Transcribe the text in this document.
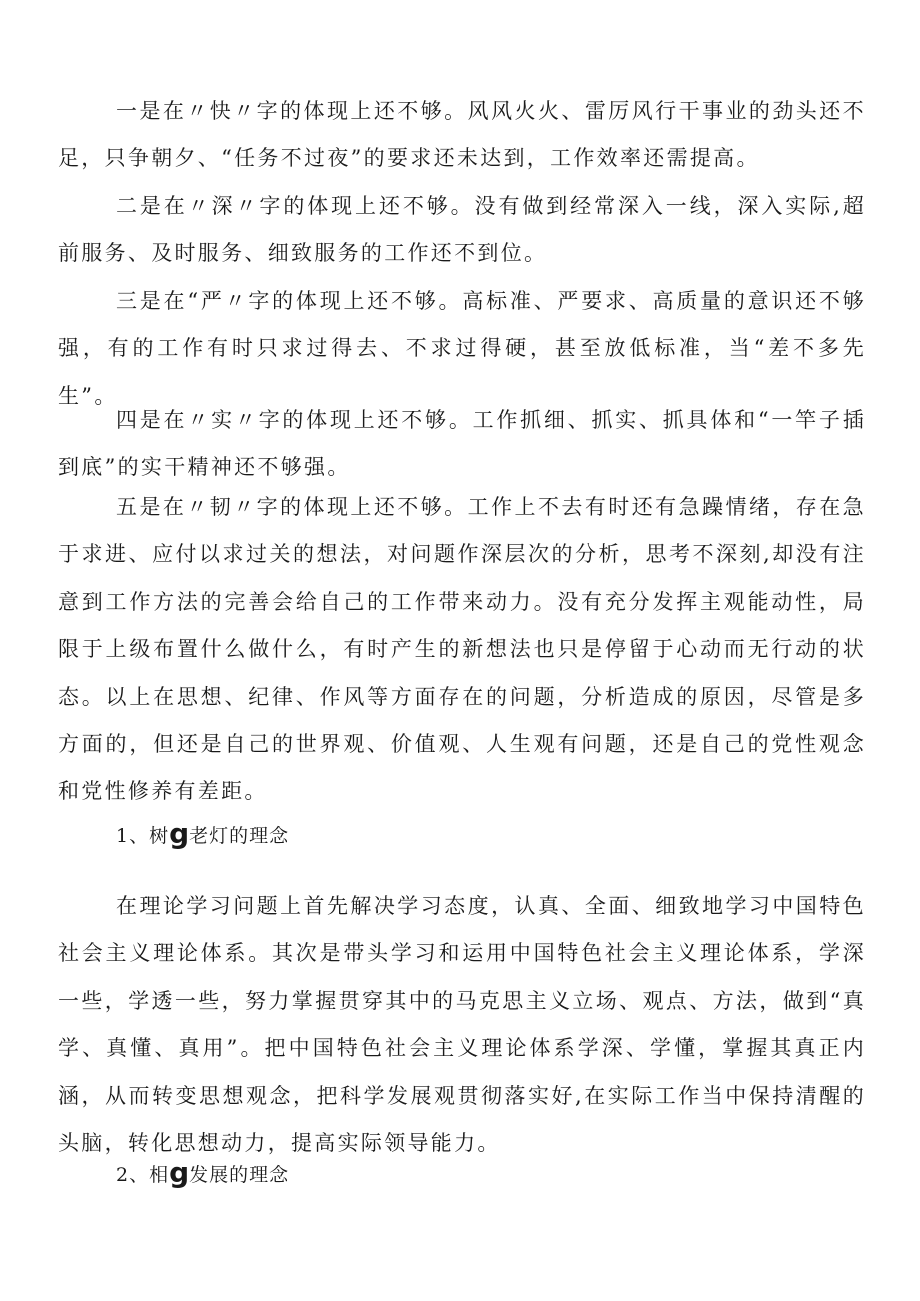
一是在〃快〃字的体现上还不够。风风火火、雷厉风行干事业的劲头还不足，只争朝夕、“任务不过夜”的要求还未达到，工作效率还需提高。

二是在〃深〃字的体现上还不够。没有做到经常深入一线，深入实际,超前服务、及时服务、细致服务的工作还不到位。

三是在“严〃字的体现上还不够。高标准、严要求、高质量的意识还不够强，有的工作有时只求过得去、不求过得硬，甚至放低标准，当“差不多先生”。

四是在〃实〃字的体现上还不够。工作抓细、抓实、抓具体和“一竿子插到底”的实干精神还不够强。

五是在〃韧〃字的体现上还不够。工作上不去有时还有急躁情绪，存在急于求进、应付以求过关的想法，对问题作深层次的分析，思考不深刻,却没有注意到工作方法的完善会给自己的工作带来动力。没有充分发挥主观能动性，局限于上级布置什么做什么，有时产生的新想法也只是停留于心动而无行动的状态。以上在思想、纪律、作风等方面存在的问题，分析造成的原因，尽管是多方面的，但还是自己的世界观、价值观、人生观有问题，还是自己的党性观念和党性修养有差距。

1、树g老灯的理念

在理论学习问题上首先解决学习态度，认真、全面、细致地学习中国特色社会主义理论体系。其次是带头学习和运用中国特色社会主义理论体系，学深一些，学透一些，努力掌握贯穿其中的马克思主义立场、观点、方法，做到“真学、真懂、真用”。把中国特色社会主义理论体系学深、学懂，掌握其真正内涵，从而转变思想观念，把科学发展观贯彻落实好,在实际工作当中保持清醒的头脑，转化思想动力，提高实际领导能力。

2、相g发展的理念
